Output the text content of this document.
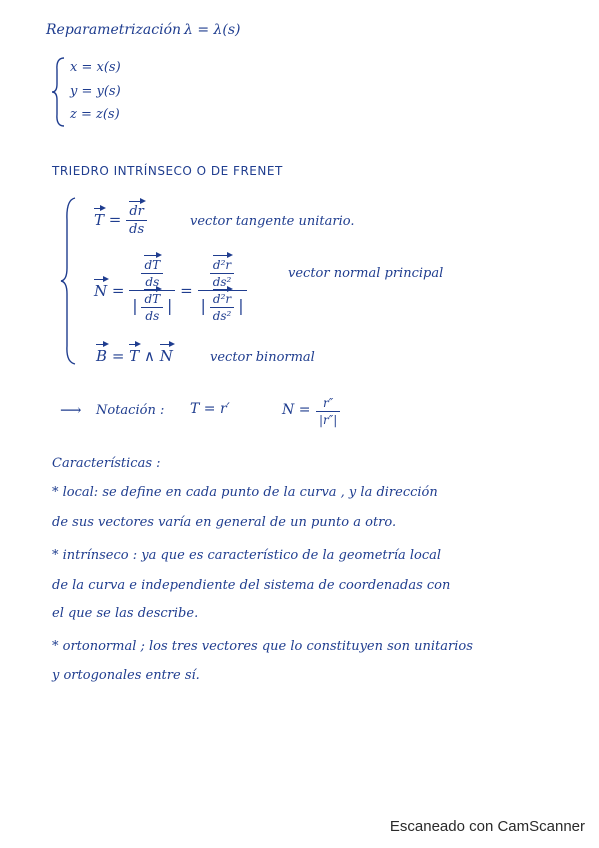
Reparametrización λ = λ(s)
x = x(s)
y = y(s)
z = z(s)
TRIEDRO INTRÍNSECO O DE FRENET
$T = \frac{dr}{ds}$	vector tangente unitario.
$N = \frac{\frac{dT}{ds}}{| \frac{dT}{ds} |} = \frac{\frac{\text{d²r}}{\text{ds²}}}{| \frac{\text{d²r}}{\text{ds²}} |}$	vector normal principal
B = T ∧ N	vector binormal
⟶ Notación : T = r′	$N = \frac{r''}{|r''|}$
Características :
* local: se define en cada punto de la curva , y la dirección
de sus vectores varía en general de un punto a otro.
* intrínseco : ya que es característico de la geometría local
de la curva e independiente del sistema de coordenadas con
el que se las describe.
* ortonormal ; los tres vectores que lo constituyen son unitarios
y ortogonales entre sí.
Escaneado con CamScanner
